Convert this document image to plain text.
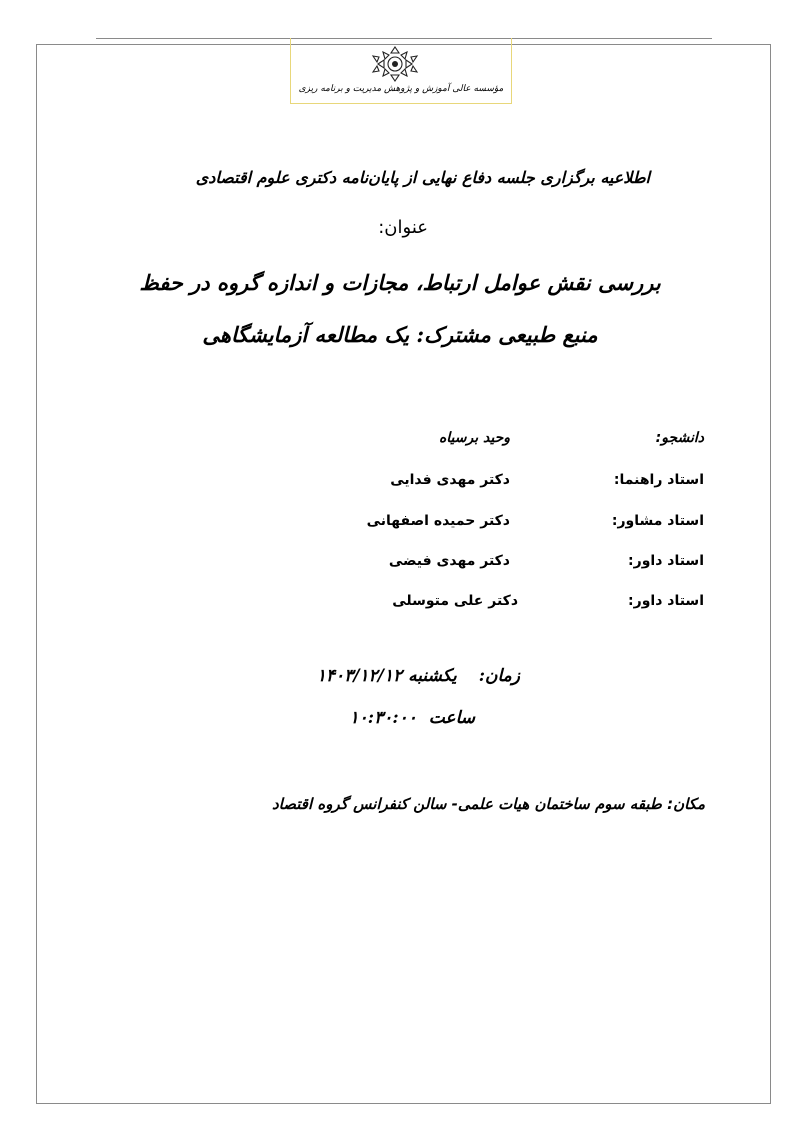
مؤسسه عالی آموزش و پژوهش مدیریت و برنامه ریزی
اطلاعیه برگزاری جلسه دفاع نهایی از پایان‌نامه دکتری علوم اقتصادی
عنوان:
بررسی نقش عوامل ارتباط، مجازات و اندازه گروه در حفظ
منبع طبیعی مشترک: یک مطالعه آزمایشگاهی
دانشجو:
وحید برسیاه
استاد راهنما:
دکتر مهدی فدایی
استاد مشاور:
دکتر حمیده اصفهانی
استاد داور:
دکتر مهدی فیضی
استاد داور:
دکتر علی متوسلی
زمان:یکشنبه ۱۴۰۳/۱۲/۱۲
ساعت  ۱۰:۳۰:۰۰
مکان: طبقه سوم ساختمان هیات علمی- سالن کنفرانس گروه اقتصاد
